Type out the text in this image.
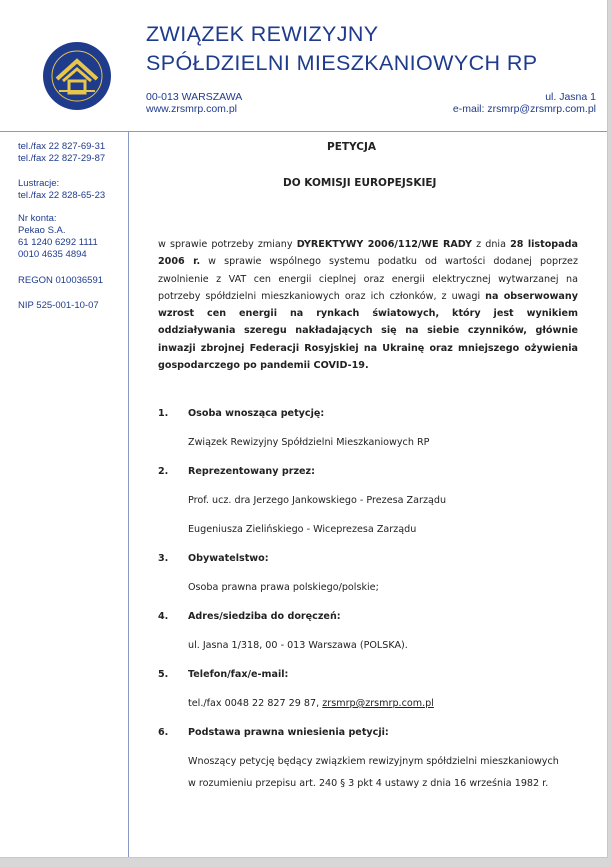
ZWIĄZEK REWIZYJNY
SPÓŁDZIELNI MIESZKANIOWYCH RP
00-013 WARSZAWA
www.zrsmrp.com.pl
ul. Jasna 1
e-mail: zrsmrp@zrsmrp.com.pl
tel./fax 22 827-69-31
tel./fax 22 827-29-87
Lustracje:
tel./fax 22 828-65-23
Nr konta:
Pekao S.A.
61 1240 6292 1111
0010 4635 4894
REGON 010036591
NIP 525-001-10-07
PETYCJA
DO KOMISJI EUROPEJSKIEJ
w sprawie potrzeby zmiany DYREKTYWY 2006/112/WE RADY z dnia 28 listopada 2006 r. w sprawie wspólnego systemu podatku od wartości dodanej poprzez zwolnienie z VAT cen energii cieplnej oraz energii elektrycznej wytwarzanej na potrzeby spółdzielni mieszkaniowych oraz ich członków, z uwagi na obserwowany wzrost cen energii na rynkach światowych, który jest wynikiem oddziaływania szeregu nakładających się na siebie czynników, głównie inwazji zbrojnej Federacji Rosyjskiej na Ukrainę oraz mniejszego ożywienia gospodarczego po pandemii COVID-19.
1. Osoba wnosząca petycję:
Związek Rewizyjny Spółdzielni Mieszkaniowych RP
2. Reprezentowany przez:
Prof. ucz. dra Jerzego Jankowskiego - Prezesa Zarządu
Eugeniusza Zielińskiego - Wiceprezesa Zarządu
3. Obywatelstwo:
Osoba prawna prawa polskiego/polskie;
4. Adres/siedziba do doręczeń:
ul. Jasna 1/318, 00 - 013 Warszawa (POLSKA).
5. Telefon/fax/e-mail:
tel./fax 0048 22 827 29 87, zrsmrp@zrsmrp.com.pl
6. Podstawa prawna wniesienia petycji:
Wnoszący petycję będący związkiem rewizyjnym spółdzielni mieszkaniowych
w rozumieniu przepisu art. 240 § 3 pkt 4 ustawy z dnia 16 września 1982 r.
